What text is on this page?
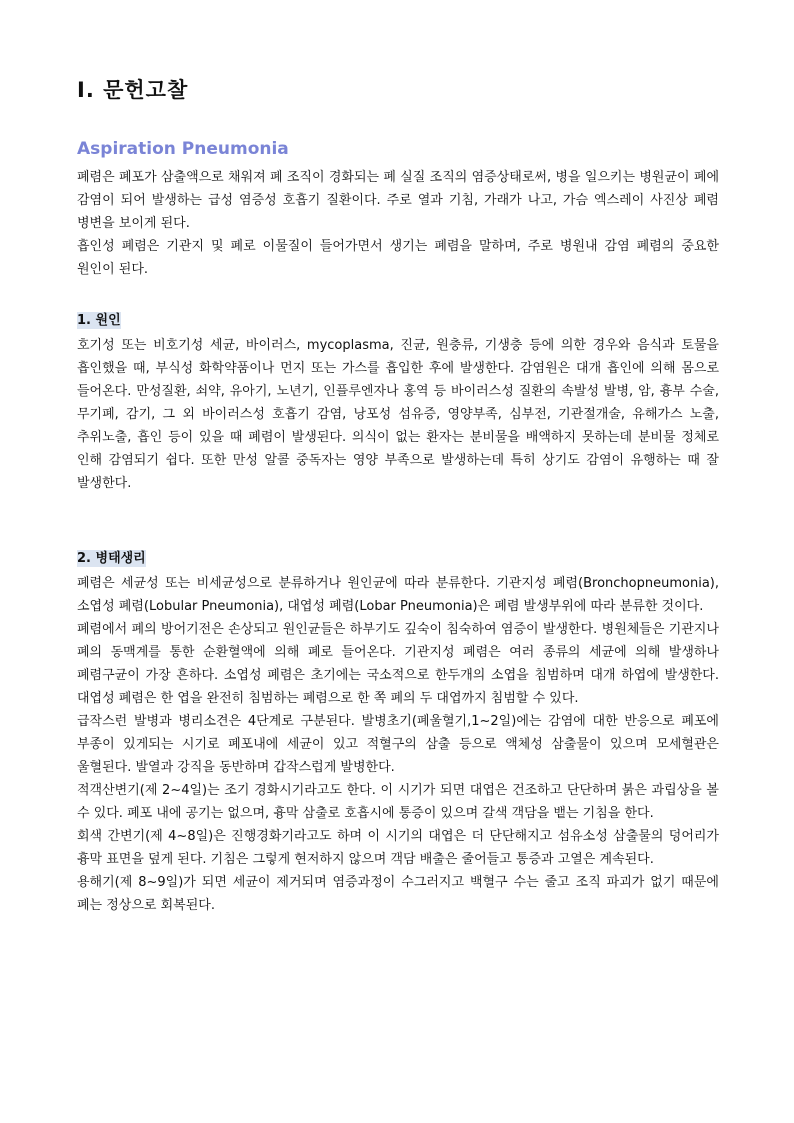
Ⅰ. 문헌고찰
Aspiration Pneumonia

폐렴은 폐포가 삼출액으로 채워져 폐 조직이 경화되는 폐 실질 조직의 염증상태로써, 병을 일으키는 병원균이 폐에 감염이 되어 발생하는 급성 염증성 호흡기 질환이다. 주로 열과 기침, 가래가 나고, 가슴 엑스레이 사진상 폐렴 병변을 보이게 된다.

흡인성 폐렴은 기관지 및 폐로 이물질이 들어가면서 생기는 폐렴을 말하며, 주로 병원내 감염 폐렴의 중요한 원인이 된다.

1. 원인

호기성 또는 비호기성 세균, 바이러스, mycoplasma, 진균, 원충류, 기생충 등에 의한 경우와 음식과 토물을 흡인했을 때, 부식성 화학약품이나 먼지 또는 가스를 흡입한 후에 발생한다. 감염원은 대개 흡인에 의해 몸으로 들어온다. 만성질환, 쇠약, 유아기, 노년기, 인플루엔자나 홍역 등 바이러스성 질환의 속발성 발병, 암, 흉부 수술, 무기폐, 감기, 그 외 바이러스성 호흡기 감염, 낭포성 섬유증, 영양부족, 심부전, 기관절개술, 유해가스 노출, 추위노출, 흡인 등이 있을 때 폐렴이 발생된다. 의식이 없는 환자는 분비물을 배액하지 못하는데 분비물 정체로 인해 감염되기 쉽다. 또한 만성 알콜 중독자는 영양 부족으로 발생하는데 특히 상기도 감염이 유행하는 때 잘 발생한다.

2. 병태생리

폐렴은 세균성 또는 비세균성으로 분류하거나 원인균에 따라 분류한다. 기관지성 폐렴(Bronchopneumonia), 소엽성 폐렴(Lobular Pneumonia), 대엽성 폐렴(Lobar Pneumonia)은 폐렴 발생부위에 따라 분류한 것이다.

폐렴에서 폐의 방어기전은 손상되고 원인균들은 하부기도 깊숙이 침숙하여 염증이 발생한다. 병원체들은 기관지나 폐의 동맥계를 통한 순환혈액에 의해 폐로 들어온다. 기관지성 폐렴은 여러 종류의 세균에 의해 발생하나 폐렴구균이 가장 흔하다. 소엽성 폐렴은 초기에는 국소적으로 한두개의 소엽을 침범하며 대개 하엽에 발생한다. 대엽성 폐렴은 한 엽을 완전히 침범하는 폐렴으로 한 쪽 폐의 두 대엽까지 침범할 수 있다.

급작스런 발병과 병리소견은 4단계로 구분된다. 발병초기(폐울혈기,1~2일)에는 감염에 대한 반응으로 폐포에 부종이 있게되는 시기로 폐포내에 세균이 있고 적혈구의 삼출 등으로 액체성 삼출물이 있으며 모세혈관은 울혈된다. 발열과 강직을 동반하며 갑작스럽게 발병한다.

적객산변기(제 2~4일)는 조기 경화시기라고도 한다. 이 시기가 되면 대엽은 건조하고 단단하며 붉은 과립상을 볼 수 있다. 폐포 내에 공기는 없으며, 흉막 삼출로 호흡시에 통증이 있으며 갈색 객담을 뱉는 기침을 한다.

회색 간변기(제 4~8일)은 진행경화기라고도 하며 이 시기의 대엽은 더 단단해지고 섬유소성 삼출물의 덩어리가 흉막 표면을 덮게 된다. 기침은 그렇게 현저하지 않으며 객담 배출은 줄어들고 통증과 고열은 계속된다.

용해기(제 8~9일)가 되면 세균이 제거되며 염증과정이 수그러지고 백혈구 수는 줄고 조직 파괴가 없기 때문에 폐는 정상으로 회복된다.
